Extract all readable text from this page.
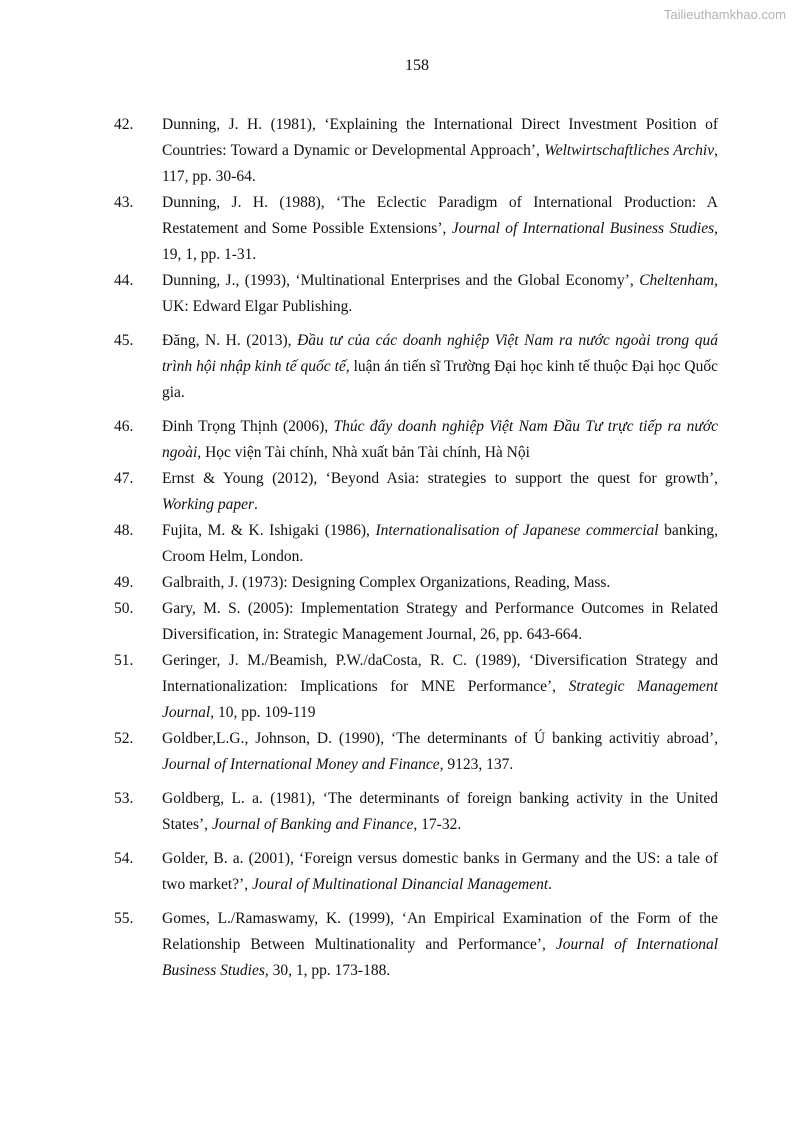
Tailieuthamkhao.com
158
42. Dunning, J. H. (1981), ‘Explaining the International Direct Investment Position of Countries: Toward a Dynamic or Developmental Approach’, Weltwirtschaftliches Archiv, 117, pp. 30-64.
43. Dunning, J. H. (1988), ‘The Eclectic Paradigm of International Production: A Restatement and Some Possible Extensions’, Journal of International Business Studies, 19, 1, pp. 1-31.
44. Dunning, J., (1993), ‘Multinational Enterprises and the Global Economy’, Cheltenham, UK: Edward Elgar Publishing.
45. Đăng, N. H. (2013), Đầu tư của các doanh nghiệp Việt Nam ra nước ngoài trong quá trình hội nhập kinh tế quốc tế, luận án tiến sĩ Trường Đại học kinh tế thuộc Đại học Quốc gia.
46. Đinh Trọng Thịnh (2006), Thúc đẩy doanh nghiệp Việt Nam Đầu Tư trực tiếp ra nước ngoài, Học viện Tài chính, Nhà xuất bản Tài chính, Hà Nội
47. Ernst & Young (2012), ‘Beyond Asia: strategies to support the quest for growth’, Working paper.
48. Fujita, M. & K. Ishigaki (1986), Internationalisation of Japanese commercial banking, Croom Helm, London.
49. Galbraith, J. (1973): Designing Complex Organizations, Reading, Mass.
50. Gary, M. S. (2005): Implementation Strategy and Performance Outcomes in Related Diversification, in: Strategic Management Journal, 26, pp. 643-664.
51. Geringer, J. M./Beamish, P.W./daCosta, R. C. (1989), ‘Diversification Strategy and Internationalization: Implications for MNE Performance’, Strategic Management Journal, 10, pp. 109-119
52. Goldber,L.G., Johnson, D. (1990), ‘The determinants of Ú banking activitiy abroad’, Journal of International Money and Finance, 9123, 137.
53. Goldberg, L. a. (1981), ‘The determinants of foreign banking activity in the United States’, Journal of Banking and Finance, 17-32.
54. Golder, B. a. (2001), ‘Foreign versus domestic banks in Germany and the US: a tale of two market?’, Joural of Multinational Dinancial Management.
55. Gomes, L./Ramaswamy, K. (1999), ‘An Empirical Examination of the Form of the Relationship Between Multinationality and Performance’, Journal of International Business Studies, 30, 1, pp. 173-188.
